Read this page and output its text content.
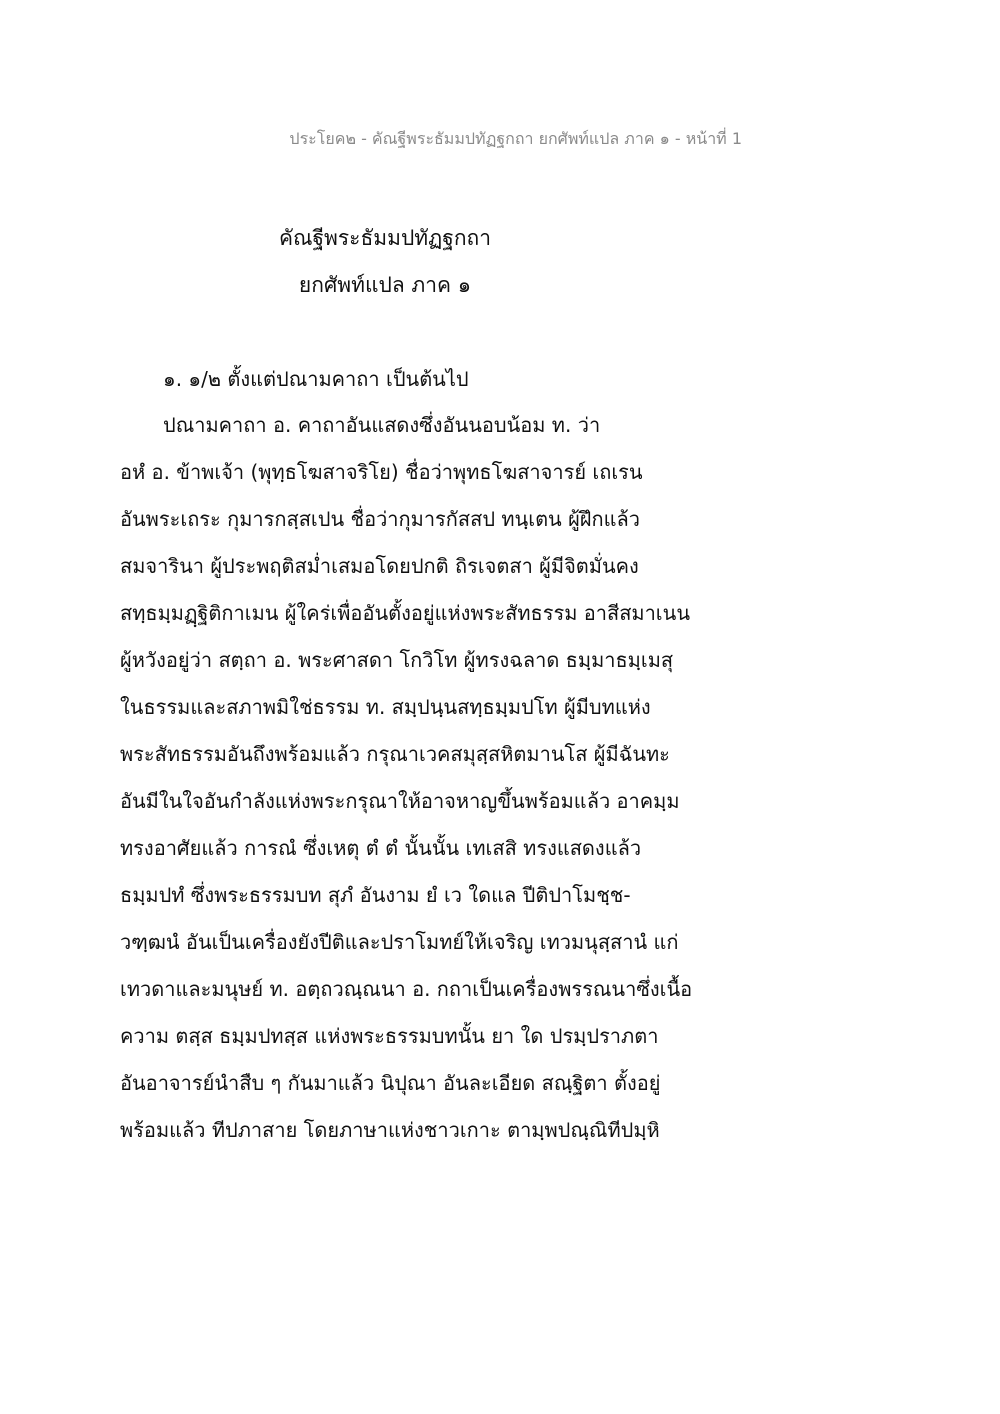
ประโยค๒ - คัณฐีพระธัมมปทัฏฐกถา ยกศัพท์แปล ภาค ๑ - หน้าที่ 1
คัณฐีพระธัมมปทัฏฐกถา
ยกศัพท์แปล ภาค ๑
๑. ๑/๒ ตั้งแต่ปณามคาถา เป็นต้นไป
ปณามคาถา อ. คาถาอันแสดงซึ่งอันนอบน้อม ท. ว่า
อหํ อ. ข้าพเจ้า (พุทฺธโฆสาจริโย) ชื่อว่าพุทธโฆสาจารย์ เถเรน
อันพระเถระ กุมารกสฺสเปน ชื่อว่ากุมารกัสสป ทนฺเตน ผู้ฝึกแล้ว
สมจารินา ผู้ประพฤติสม่ำเสมอโดยปกติ ถิรเจตสา ผู้มีจิตมั่นคง
สทฺธมฺมฏฺฐิติกาเมน ผู้ใคร่เพื่ออันตั้งอยู่แห่งพระสัทธรรม อาสีสมาเนน
ผู้หวังอยู่ว่า สตฺถา อ. พระศาสดา โกวิโท ผู้ทรงฉลาด ธมฺมาธมฺเมสุ
ในธรรมและสภาพมิใช่ธรรม ท. สมฺปนฺนสทฺธมฺมปโท ผู้มีบทแห่ง
พระสัทธรรมอันถึงพร้อมแล้ว กรุณาเวคสมุสฺสหิตมานโส ผู้มีฉันทะ
อันมีในใจอันกำลังแห่งพระกรุณาให้อาจหาญขึ้นพร้อมแล้ว อาคมฺม
ทรงอาศัยแล้ว การณํ ซึ่งเหตุ ตํ ตํ นั้นนั้น เทเสสิ ทรงแสดงแล้ว
ธมฺมปทํ ซึ่งพระธรรมบท สุภํ อันงาม ยํ เว ใดแล ปีติปาโมชฺช-
วฑฺฒนํ อันเป็นเครื่องยังปีติและปราโมทย์ให้เจริญ เทวมนุสฺสานํ แก่
เทวดาและมนุษย์ ท. อตฺถวณฺณนา อ. กถาเป็นเครื่องพรรณนาซึ่งเนื้อ
ความ ตสฺส ธมฺมปทสฺส แห่งพระธรรมบทนั้น ยา ใด ปรมฺปราภตา
อันอาจารย์นำสืบ ๆ กันมาแล้ว นิปุณา อันละเอียด สณฺฐิตา ตั้งอยู่
พร้อมแล้ว ทีปภาสาย โดยภาษาแห่งชาวเกาะ ตามฺพปณฺณิทีปมฺหิ
